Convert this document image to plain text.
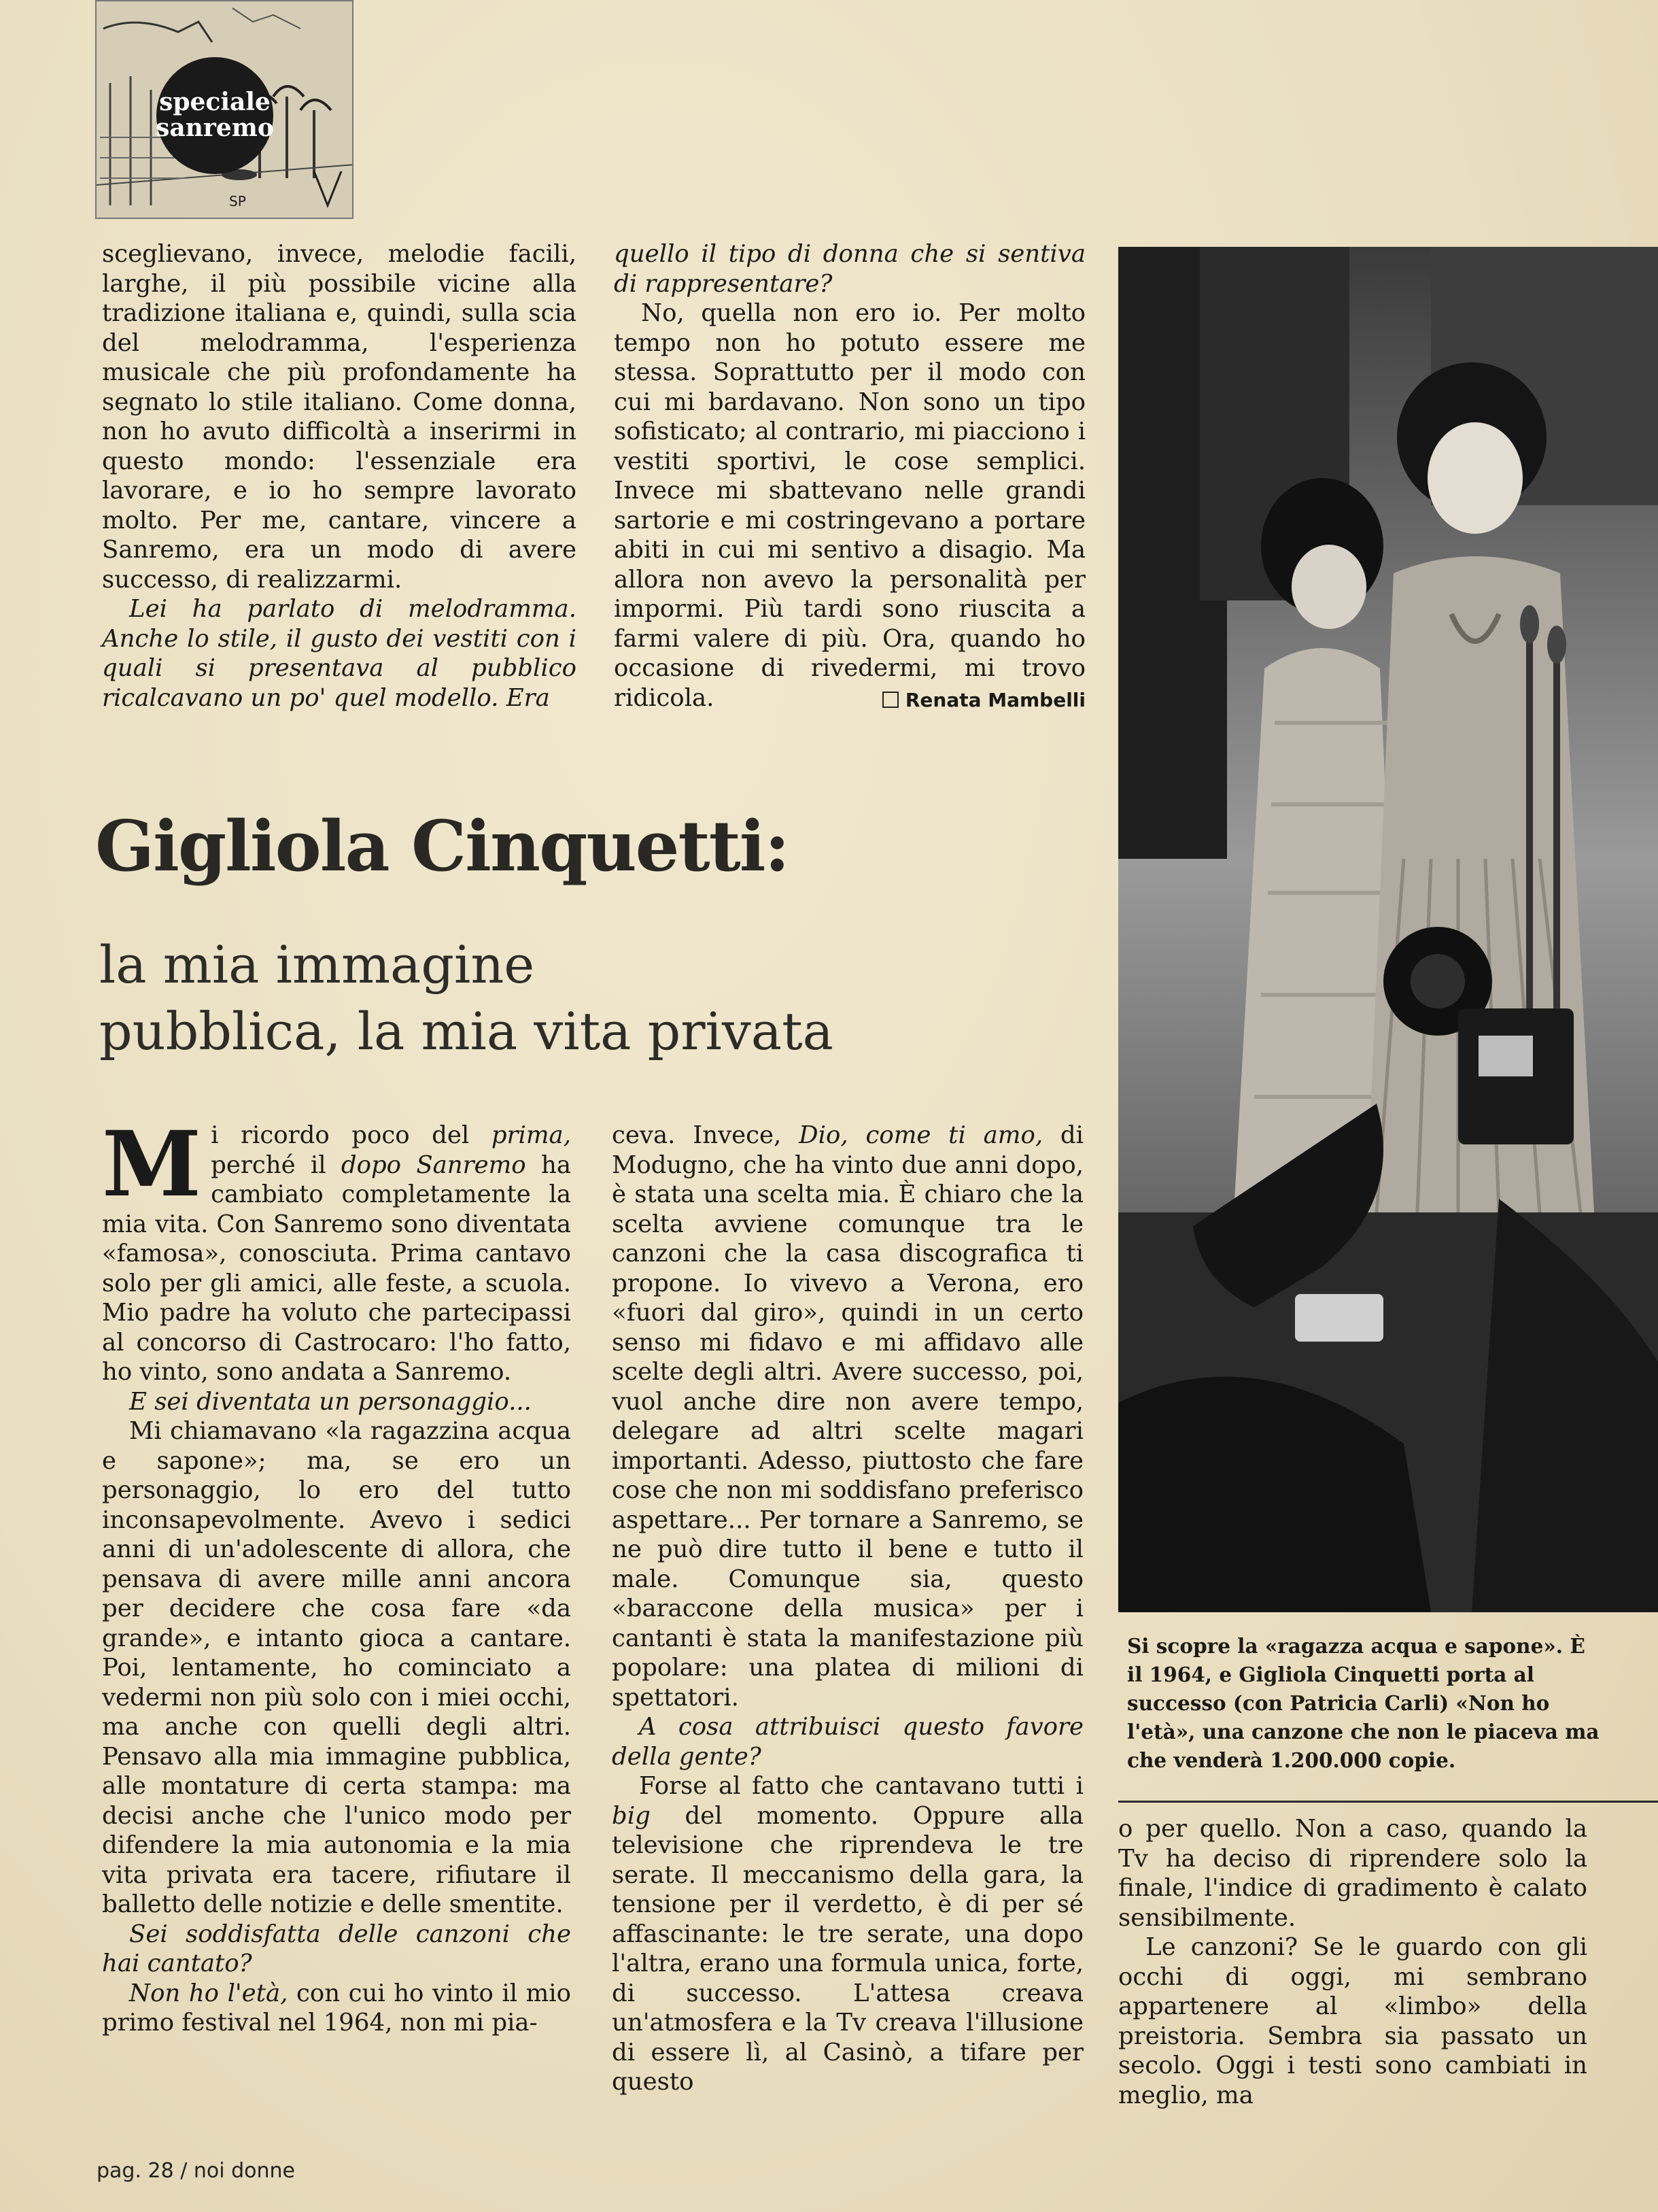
speciale
sanremo
SP

sceglievano, invece, melodie facili, larghe, il più possibile vicine alla tradizione italiana e, quindi, sulla scia del melodramma, l'esperienza musicale che più profondamente ha segnato lo stile italiano. Come donna, non ho avuto difficoltà a inserirmi in questo mondo: l'essenziale era lavorare, e io ho sempre lavorato molto. Per me, cantare, vincere a Sanremo, era un modo di avere successo, di realizzarmi.

Lei ha parlato di melodramma. Anche lo stile, il gusto dei vestiti con i quali si presentava al pubblico ricalcavano un po' quel modello. Era

quello il tipo di donna che si sentiva di rappresentare?

No, quella non ero io. Per molto tempo non ho potuto essere me stessa. Soprattutto per il modo con cui mi bardavano. Non sono un tipo sofisticato; al contrario, mi piacciono i vestiti sportivi, le cose semplici. Invece mi sbattevano nelle grandi sartorie e mi costringevano a portare abiti in cui mi sentivo a disagio. Ma allora non avevo la personalità per impormi. Più tardi sono riuscita a farmi valere di più. Ora, quando ho occasione di rivedermi, mi trovo ridicola.	Renata Mambelli
Gigliola Cinquetti:
la mia immagine
pubblica, la mia vita privata

Mi ricordo poco del prima, perché il dopo Sanremo ha cambiato completamente la mia vita. Con Sanremo sono diventata «famosa», conosciuta. Prima cantavo solo per gli amici, alle feste, a scuola. Mio padre ha voluto che partecipassi al concorso di Castrocaro: l'ho fatto, ho vinto, sono andata a Sanremo.

E sei diventata un personaggio...

Mi chiamavano «la ragazzina acqua e sapone»; ma, se ero un personaggio, lo ero del tutto inconsapevolmente. Avevo i sedici anni di un'adolescente di allora, che pensava di avere mille anni ancora per decidere che cosa fare «da grande», e intanto gioca a cantare. Poi, lentamente, ho cominciato a vedermi non più solo con i miei occhi, ma anche con quelli degli altri. Pensavo alla mia immagine pubblica, alle montature di certa stampa: ma decisi anche che l'unico modo per difendere la mia autonomia e la mia vita privata era tacere, rifiutare il balletto delle notizie e delle smentite.

Sei soddisfatta delle canzoni che hai cantato?

Non ho l'età, con cui ho vinto il mio primo festival nel 1964, non mi pia-

ceva. Invece, Dio, come ti amo, di Modugno, che ha vinto due anni dopo, è stata una scelta mia. È chiaro che la scelta avviene comunque tra le canzoni che la casa discografica ti propone. Io vivevo a Verona, ero «fuori dal giro», quindi in un certo senso mi fidavo e mi affidavo alle scelte degli altri. Avere successo, poi, vuol anche dire non avere tempo, delegare ad altri scelte magari importanti. Adesso, piuttosto che fare cose che non mi soddisfano preferisco aspettare... Per tornare a Sanremo, se ne può dire tutto il bene e tutto il male. Comunque sia, questo «baraccone della musica» per i cantanti è stata la manifestazione più popolare: una platea di milioni di spettatori.

A cosa attribuisci questo favore della gente?

Forse al fatto che cantavano tutti i big del momento. Oppure alla televisione che riprendeva le tre serate. Il meccanismo della gara, la tensione per il verdetto, è di per sé affascinante: le tre serate, una dopo l'altra, erano una formula unica, forte, di successo. L'attesa creava un'atmosfera e la Tv creava l'illusione di essere lì, al Casinò, a tifare per questo

Si scopre la «ragazza acqua e sapone». È il 1964, e Gigliola Cinquetti porta al successo (con Patricia Carli) «Non ho l'età», una canzone che non le piaceva ma che venderà 1.200.000 copie.

o per quello. Non a caso, quando la Tv ha deciso di riprendere solo la finale, l'indice di gradimento è calato sensibilmente.

Le canzoni? Se le guardo con gli occhi di oggi, mi sembrano appartenere al «limbo» della preistoria. Sembra sia passato un secolo. Oggi i testi sono cambiati in meglio, ma

pag. 28 / noi donne
